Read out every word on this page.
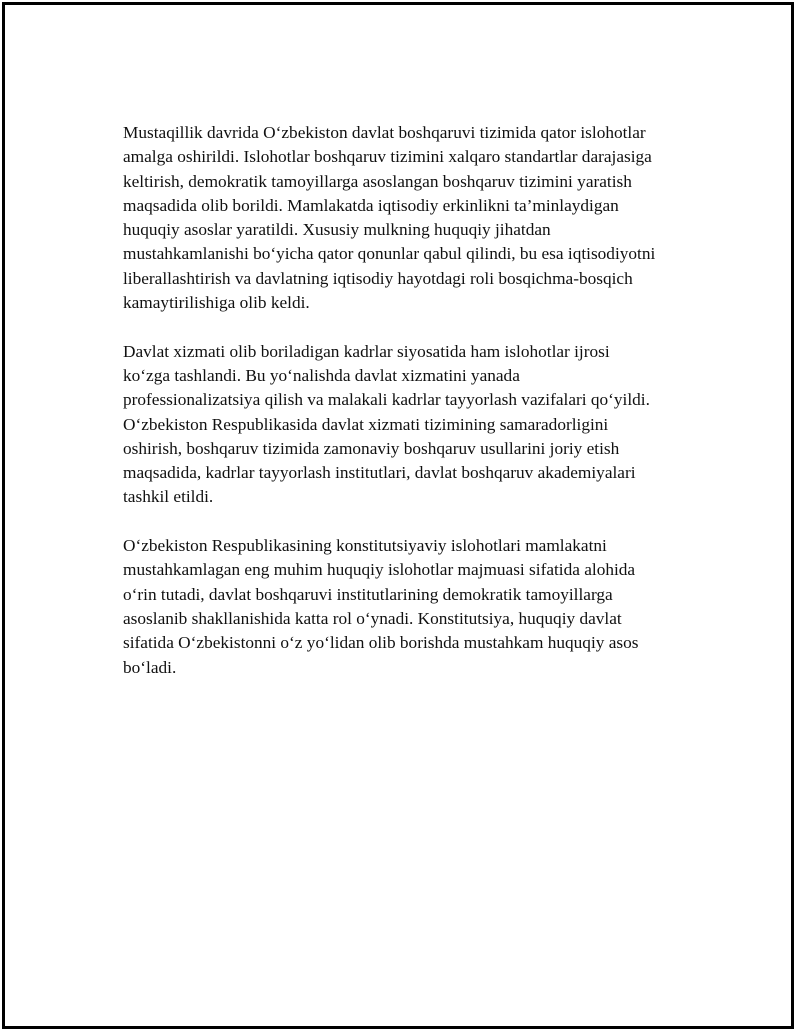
Mustaqillik davrida O‘zbekiston davlat boshqaruvi tizimida qator islohotlar
amalga oshirildi. Islohotlar boshqaruv tizimini xalqaro standartlar darajasiga
keltirish, demokratik tamoyillarga asoslangan boshqaruv tizimini yaratish
maqsadida olib borildi. Mamlakatda iqtisodiy erkinlikni ta’minlaydigan
huquqiy asoslar yaratildi. Xususiy mulkning huquqiy jihatdan
mustahkamlanishi bo‘yicha qator qonunlar qabul qilindi, bu esa iqtisodiyotni
liberallashtirish va davlatning iqtisodiy hayotdagi roli bosqichma-bosqich
kamaytirilishiga olib keldi.
Davlat xizmati olib boriladigan kadrlar siyosatida ham islohotlar ijrosi
ko‘zga tashlandi. Bu yo‘nalishda davlat xizmatini yanada
professionalizatsiya qilish va malakali kadrlar tayyorlash vazifalari qo‘yildi.
O‘zbekiston Respublikasida davlat xizmati tizimining samaradorligini
oshirish, boshqaruv tizimida zamonaviy boshqaruv usullarini joriy etish
maqsadida, kadrlar tayyorlash institutlari, davlat boshqaruv akademiyalari
tashkil etildi.
O‘zbekiston Respublikasining konstitutsiyaviy islohotlari mamlakatni
mustahkamlagan eng muhim huquqiy islohotlar majmuasi sifatida alohida
o‘rin tutadi, davlat boshqaruvi institutlarining demokratik tamoyillarga
asoslanib shakllanishida katta rol o‘ynadi. Konstitutsiya, huquqiy davlat
sifatida O‘zbekistonni o‘z yo‘lidan olib borishda mustahkam huquqiy asos
bo‘ladi.
